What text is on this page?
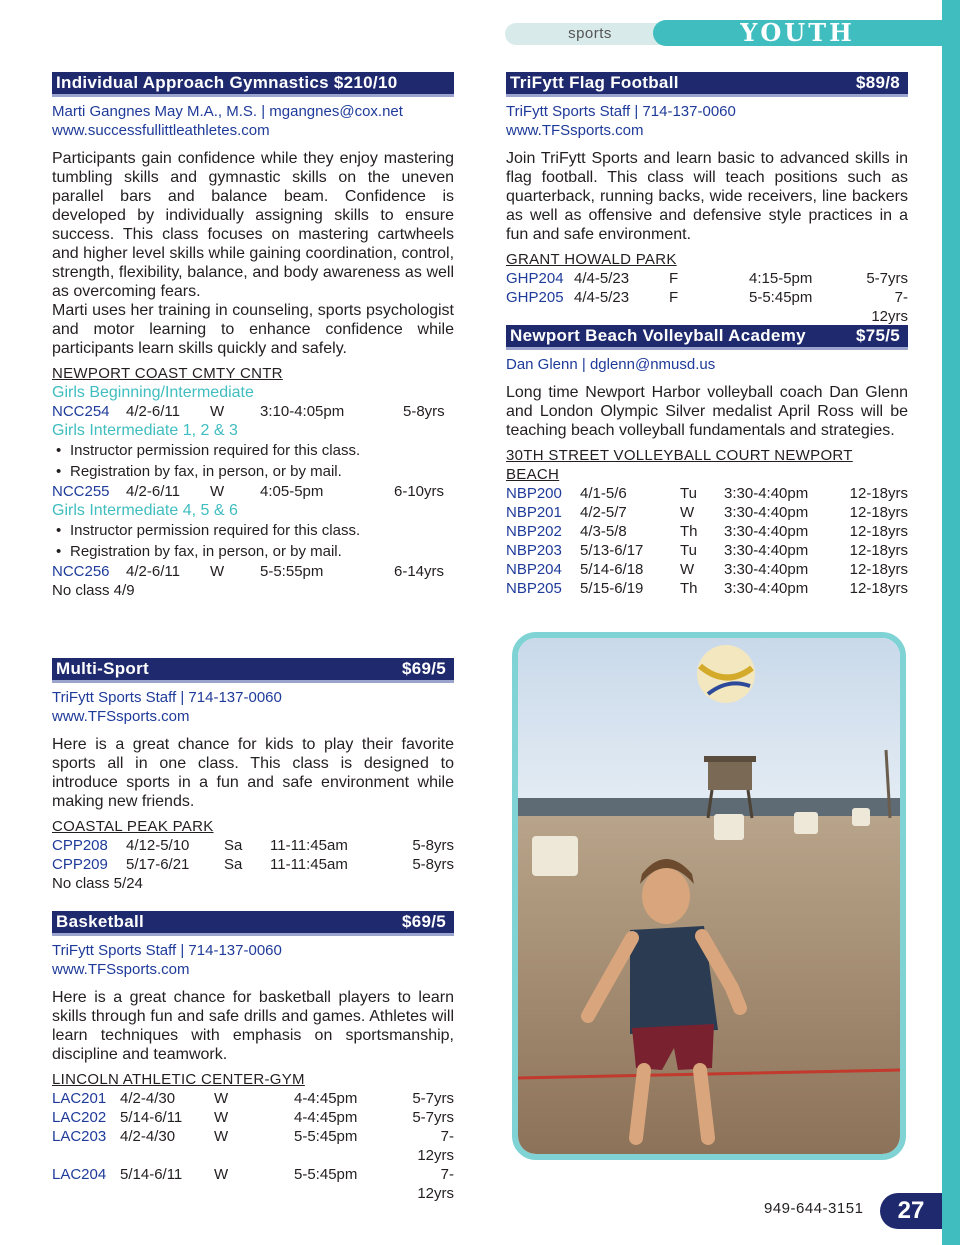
sports	YOUTH
Individual Approach Gymnastics $210/10
Marti Gangnes May M.A., M.S. | mgangnes@cox.net
www.successfullittleathletes.com
Participants gain confidence while they enjoy mastering tumbling skills and gymnastic skills on the uneven parallel bars and balance beam. Confidence is developed by individually assigning skills to ensure success. This class focuses on mastering cartwheels and higher level skills while gaining coordination, control, strength, flexibility, balance, and body awareness as well as overcoming fears.
Marti uses her training in counseling, sports psychologist and motor learning to enhance confidence while participants learn skills quickly and safely.
NEWPORT COAST CMTY CNTR
Girls Beginning/Intermediate
NCC254	4/2-6/11	W	3:10-4:05pm	5-8yrs
Girls Intermediate 1, 2 & 3
• Instructor permission required for this class.
• Registration by fax, in person, or by mail.
NCC255	4/2-6/11	W	4:05-5pm	6-10yrs
Girls Intermediate 4, 5 & 6
• Instructor permission required for this class.
• Registration by fax, in person, or by mail.
NCC256	4/2-6/11	W	5-5:55pm	6-14yrs
No class 4/9
Multi-Sport	$69/5
TriFytt Sports Staff | 714-137-0060
www.TFSsports.com
Here is a great chance for kids to play their favorite sports all in one class. This class is designed to introduce sports in a fun and safe environment while making new friends.
COASTAL PEAK PARK
CPP208	4/12-5/10	Sa	11-11:45am	5-8yrs
CPP209	5/17-6/21	Sa	11-11:45am	5-8yrs
No class 5/24
Basketball	$69/5
TriFytt Sports Staff | 714-137-0060
www.TFSsports.com
Here is a great chance for basketball players to learn skills through fun and safe drills and games. Athletes will learn techniques with emphasis on sportsmanship, discipline and teamwork.
LINCOLN ATHLETIC CENTER-GYM
LAC201 4/2-4/30	W	4-4:45pm	5-7yrs
LAC202 5/14-6/11	W	4-4:45pm	5-7yrs
LAC203 4/2-4/30	W	5-5:45pm	7-12yrs
LAC204 5/14-6/11	W	5-5:45pm	7-12yrs
TriFytt Flag Football	$89/8
TriFytt Sports Staff | 714-137-0060
www.TFSsports.com
Join TriFytt Sports and learn basic to advanced skills in flag football. This class will teach positions such as quarterback, running backs, wide receivers, line backers as well as offensive and defensive style practices in a fun and safe environment.
GRANT HOWALD PARK
GHP204 4/4-5/23	F	4:15-5pm	5-7yrs
GHP205 4/4-5/23	F	5-5:45pm	7-12yrs
Newport Beach Volleyball Academy	$75/5
Dan Glenn | dglenn@nmusd.us
Long time Newport Harbor volleyball coach Dan Glenn and London Olympic Silver medalist April Ross will be teaching beach volleyball fundamentals and strategies.
30TH STREET VOLLEYBALL COURT NEWPORT BEACH
NBP200	4/1-5/6	Tu	3:30-4:40pm	12-18yrs
NBP201	4/2-5/7	W	3:30-4:40pm	12-18yrs
NBP202	4/3-5/8	Th	3:30-4:40pm	12-18yrs
NBP203	5/13-6/17	Tu	3:30-4:40pm	12-18yrs
NBP204	5/14-6/18	W	3:30-4:40pm	12-18yrs
NBP205	5/15-6/19	Th	3:30-4:40pm	12-18yrs
949-644-3151	27
